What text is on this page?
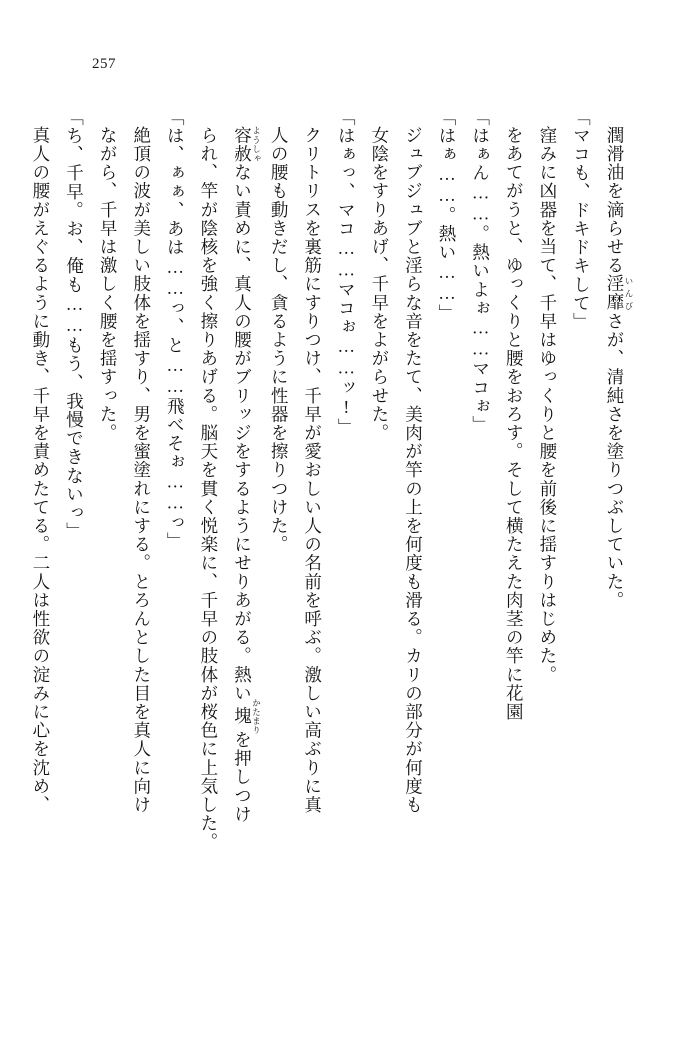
257

潤滑油を滴らせる淫靡 いんびさが、清純さを塗りつぶしていた。

「マコも、ドキドキして」

窪みに凶器を当て、千早はゆっくりと腰を前後に揺すりはじめた。

をあてがうと、ゆっくりと腰をおろす。そして横たえた肉茎の竿に花園

「はぁん……。熱いよぉ……マコぉ」

「はぁ……。熱い……」

ジュブジュブと淫らな音をたて、美肉が竿の上を何度も滑る。カリの部分が何度も

女陰をすりあげ、千早をよがらせた。

「はぁっ、マコ……マコぉ……ッ!」

クリトリスを裏筋にすりつけ、千早が愛おしい人の名前を呼ぶ。激しい高ぶりに真

人の腰も動きだし、貪るように性器を擦りつけた。

容赦 ようしゃない責めに、真人の腰がブリッジをするようにせりあがる。熱い塊 かたまりを押しつけ

られ、竿が陰核を強く擦りあげる。脳天を貫く悦楽に、千早の肢体が桜色に上気した。

「は、ぁぁ、あは……っ、と……飛べそぉ……っ」

絶頂の波が美しい肢体を揺すり、男を蜜塗れにする。とろんとした目を真人に向け

ながら、千早は激しく腰を揺すった。

「ち、千早。お、俺も……もう、我慢できないっ」

真人の腰がえぐるように動き、千早を責めたてる。二人は性欲の淀みに心を沈め、
